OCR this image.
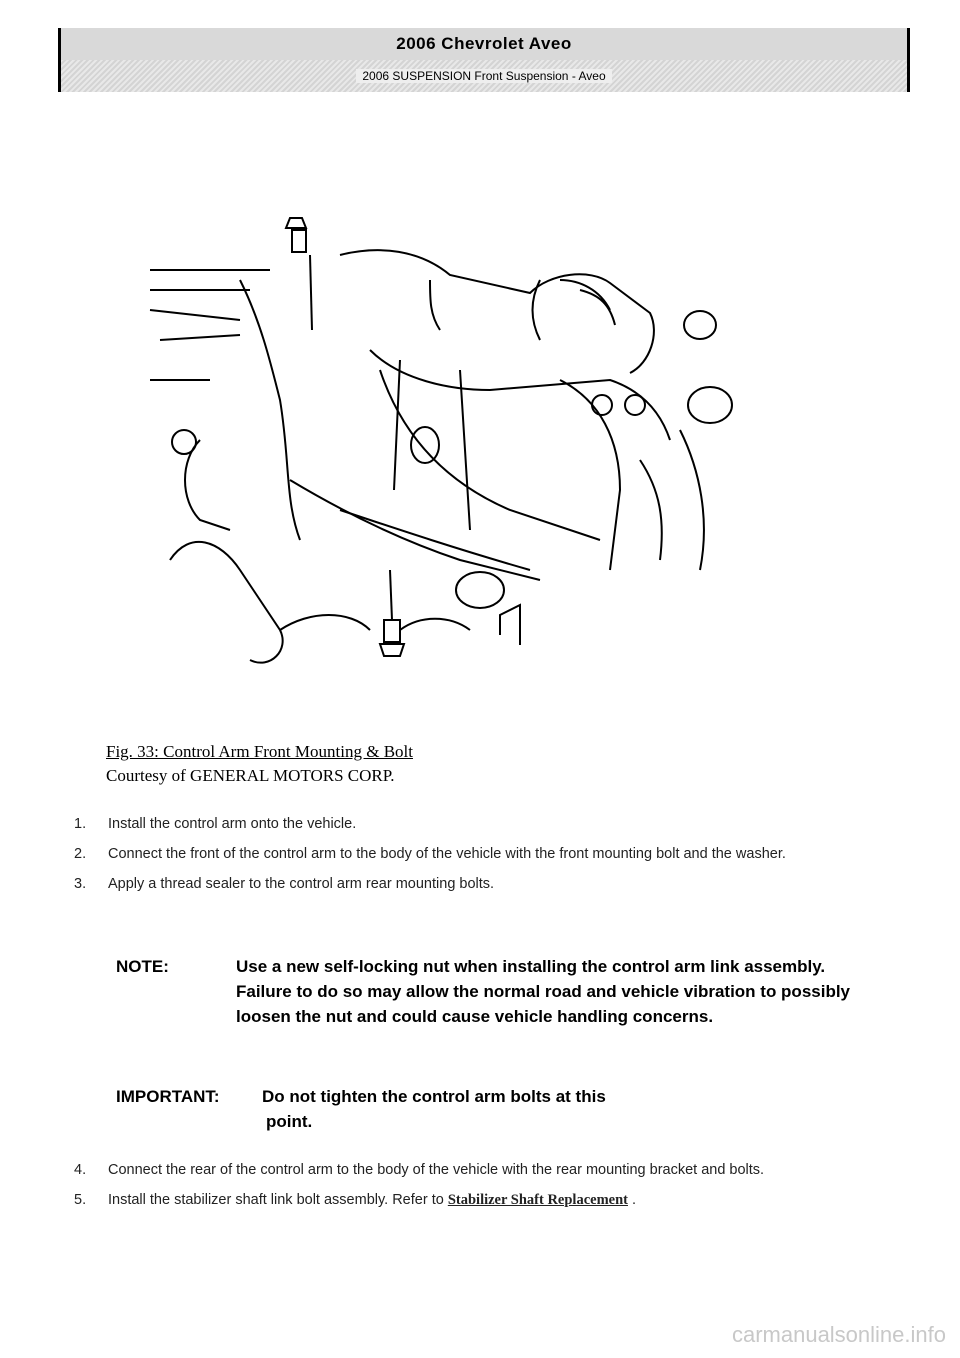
2006 Chevrolet Aveo
2006 SUSPENSION Front Suspension - Aveo
Fig. 33: Control Arm Front Mounting & Bolt
Courtesy of GENERAL MOTORS CORP.
1. Install the control arm onto the vehicle.
2. Connect the front of the control arm to the body of the vehicle with the front mounting bolt and the washer.
3. Apply a thread sealer to the control arm rear mounting bolts.
NOTE:	Use a new self-locking nut when installing the control arm link assembly. Failure to do so may allow the normal road and vehicle vibration to possibly loosen the nut and could cause vehicle handling concerns.
IMPORTANT: Do not tighten the control arm bolts at this
point.
4. Connect the rear of the control arm to the body of the vehicle with the rear mounting bracket and bolts.
5. Install the stabilizer shaft link bolt assembly. Refer to Stabilizer Shaft Replacement .
carmanualsonline.info
